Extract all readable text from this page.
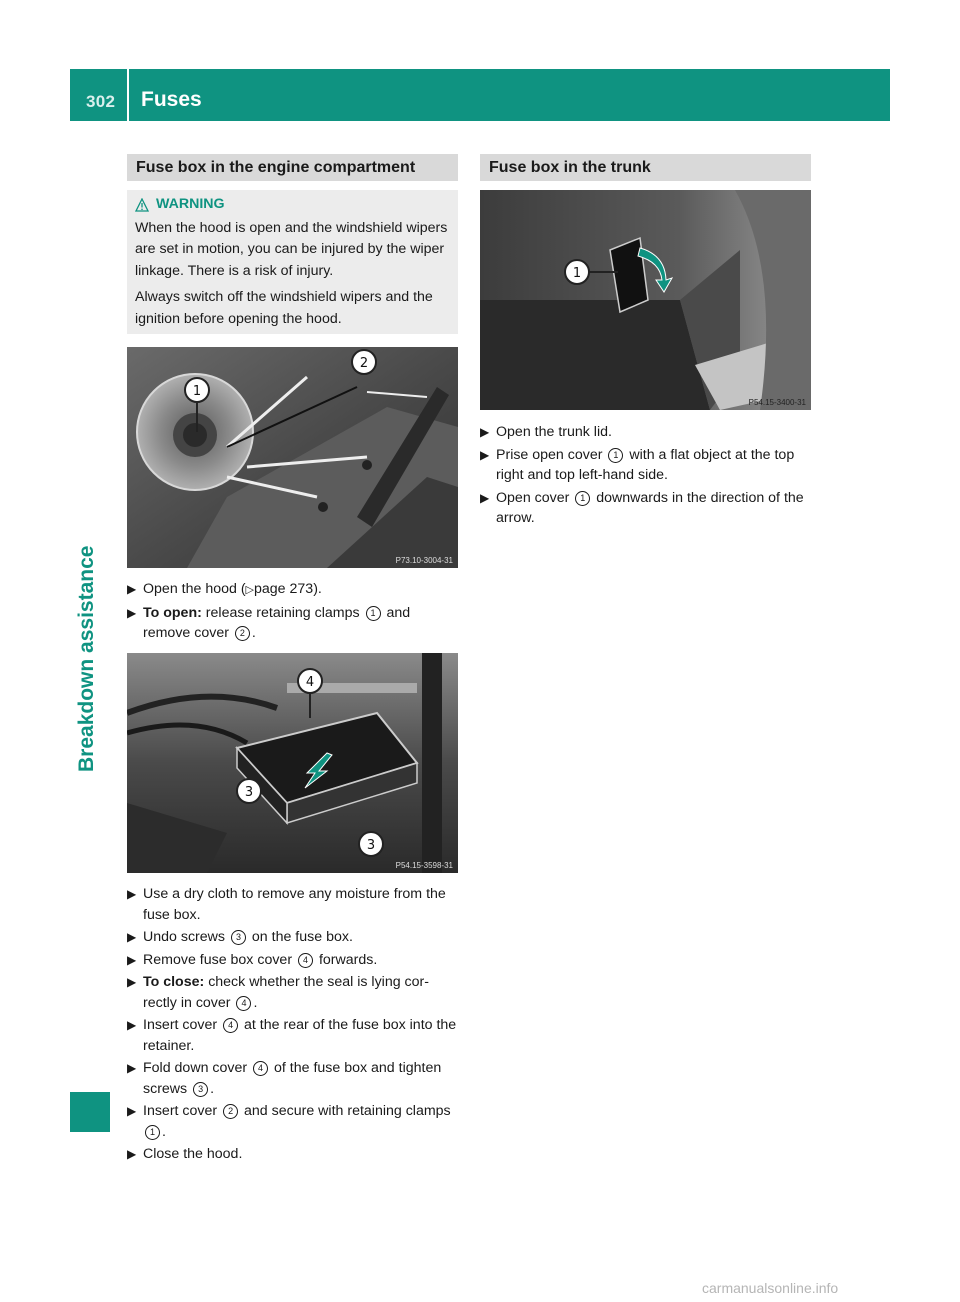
302 Fuses
Breakdown assistance
Fuse box in the engine compartment
WARNING

When the hood is open and the windshield wipers are set in motion, you can be injured by the wiper linkage. There is a risk of injury.

Always switch off the windshield wipers and the ignition before opening the hood.

1
2
P73.10-3004-31
▶ Open the hood (▷page 273).
▶ To open: release retaining clamps 1 and remove cover 2 .
4
3
3
P54.15-3598-31
▶ Use a dry cloth to remove any moisture from the fuse box.
▶ Undo screws 3 on the fuse box.
▶ Remove fuse box cover 4 forwards.
▶ To close: check whether the seal is lying cor-rectly in cover 4 .
▶ Insert cover 4 at the rear of the fuse box into the retainer.
▶ Fold down cover 4 of the fuse box and tighten screws 3 .
▶ Insert cover 2 and secure with retaining clamps 1 .
▶ Close the hood.
Fuse box in the trunk
1
P54.15-3400-31
▶ Open the trunk lid.
▶ Prise open cover 1 with a flat object at the top right and top left-hand side.
▶ Open cover 1 downwards in the direction of the arrow.
carmanualsonline.info
